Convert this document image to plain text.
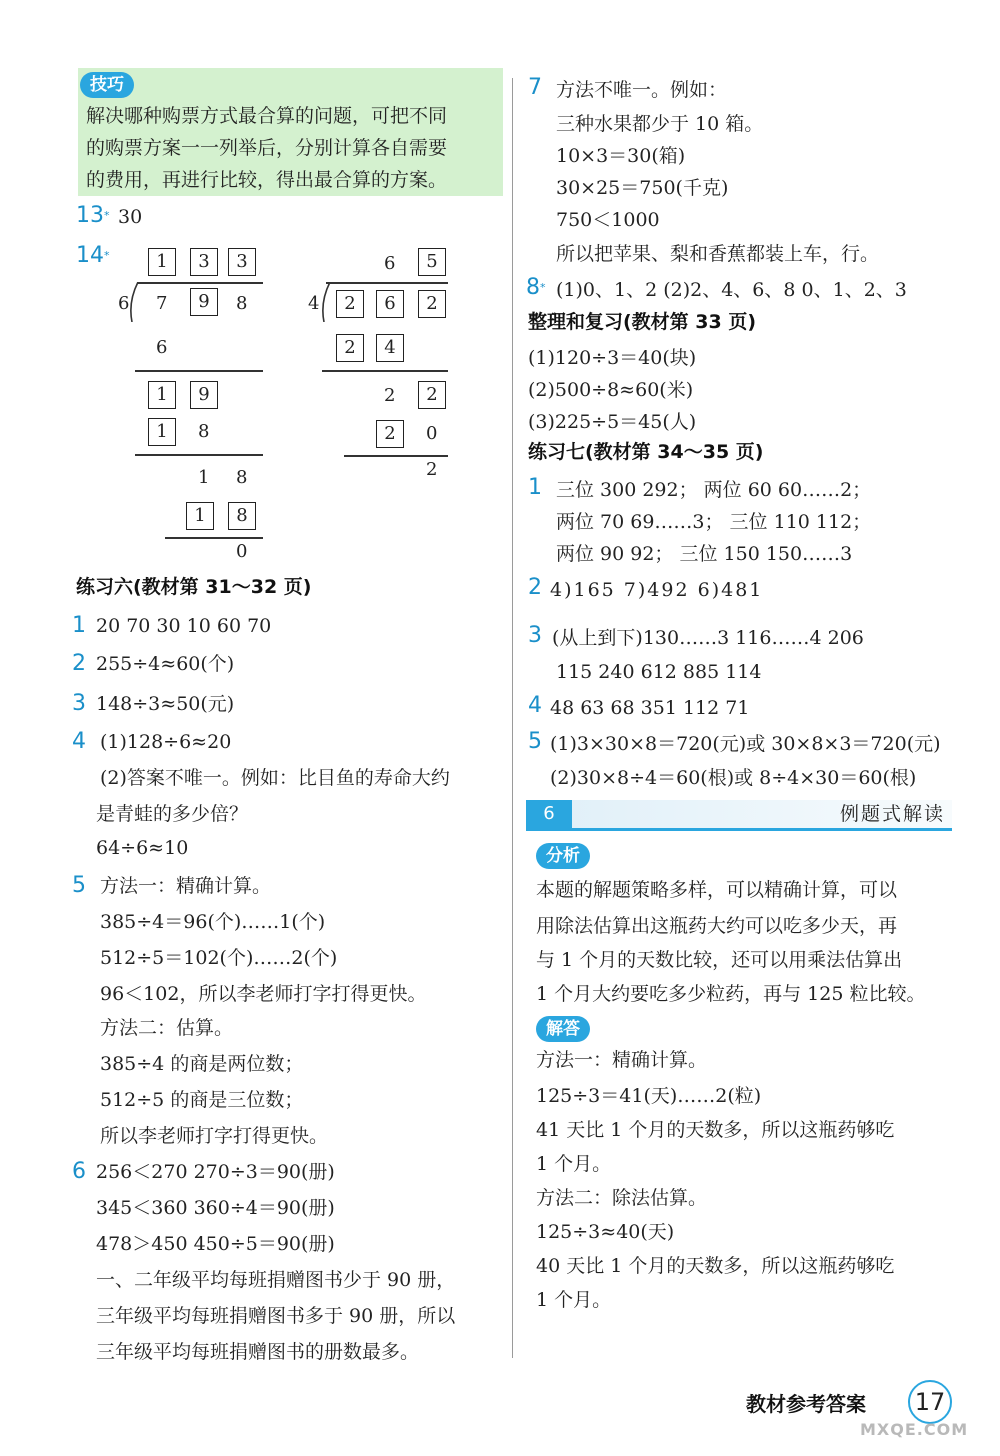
技巧
解决哪种购票方式最合算的问题，可把不同
的购票方案一一列举后，分别计算各自需要
的费用，再进行比较，得出最合算的方案。
13* 30
14*	1	3	3
6 7	9	8
6
1	9
1	8
1 8
1	8
0
6	5
4	2	6	2
2	4
2	2
2	0
2
练习六(教材第 31～32 页)
1 20 70 30 10 60 70
2 255÷4≈60(个)
3 148÷3≈50(元)
4 (1)128÷6≈20
(2)答案不唯一。例如：比目鱼的寿命大约
是青蛙的多少倍？
64÷6≈10
5 方法一：精确计算。
385÷4＝96(个)……1(个)
512÷5＝102(个)……2(个)
96＜102，所以李老师打字打得更快。
方法二：估算。
385÷4 的商是两位数；
512÷5 的商是三位数；
所以李老师打字打得更快。
6 256＜270 270÷3＝90(册)
345＜360 360÷4＝90(册)
478＞450 450÷5＝90(册)
一、二年级平均每班捐赠图书少于 90 册，
三年级平均每班捐赠图书多于 90 册，所以
三年级平均每班捐赠图书的册数最多。
7 方法不唯一。例如：
三种水果都少于 10 箱。
10×3＝30(箱)
30×25＝750(千克)
750＜1000
所以把苹果、梨和香蕉都装上车，行。
8* (1)0、1、2 (2)2、4、6、8 0、1、2、3
整理和复习(教材第 33 页)
(1)120÷3＝40(块)
(2)500÷8≈60(米)
(3)225÷5＝45(人)
练习七(教材第 34～35 页)
1 三位 300 292； 两位 60 60……2；
两位 70 69……3； 三位 110 112；
两位 90 92； 三位 150 150……3
2 4)165 7)492 6)481
3 (从上到下)130……3 116……4 206
115 240 612 885 114
4 48 63 68 351 112 71
5 (1)3×30×8＝720(元)或 30×8×3＝720(元)
(2)30×8÷4＝60(根)或 8÷4×30＝60(根)
6	例题式解读
分析
本题的解题策略多样，可以精确计算，可以
用除法估算出这瓶药大约可以吃多少天，再
与 1 个月的天数比较，还可以用乘法估算出
1 个月大约要吃多少粒药，再与 125 粒比较。
解答
方法一：精确计算。
125÷3＝41(天)……2(粒)
41 天比 1 个月的天数多，所以这瓶药够吃
1 个月。
方法二：除法估算。
125÷3≈40(天)
40 天比 1 个月的天数多，所以这瓶药够吃
1 个月。
教材参考答案 17
MXQE.COM
